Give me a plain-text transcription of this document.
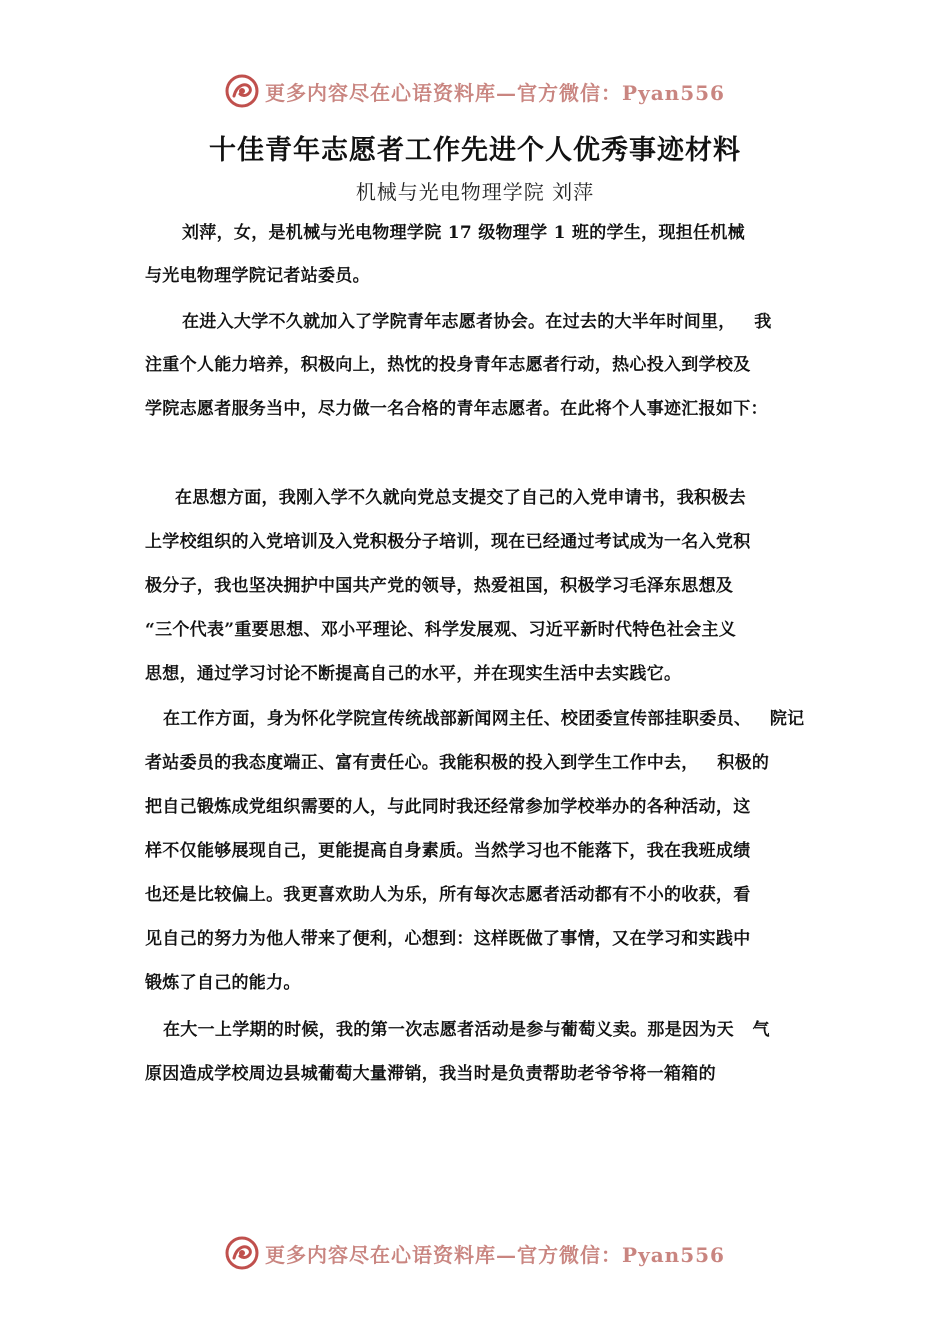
更多内容尽在心语资料库—官方微信：Pyan556
十佳青年志愿者工作先进个人优秀事迹材料
机械与光电物理学院 刘萍
刘萍，女，是机械与光电物理学院 17 级物理学 1 班的学生，现担任机械
与光电物理学院记者站委员。
在进入大学不久就加入了学院青年志愿者协会。在过去的大半年时间里，   我
注重个人能力培养，积极向上，热忱的投身青年志愿者行动，热心投入到学校及
学院志愿者服务当中，尽力做一名合格的青年志愿者。在此将个人事迹汇报如下：
在思想方面，我刚入学不久就向党总支提交了自己的入党申请书，我积极去
上学校组织的入党培训及入党积极分子培训，现在已经通过考试成为一名入党积
极分子，我也坚决拥护中国共产党的领导，热爱祖国，积极学习毛泽东思想及
“三个代表”重要思想、邓小平理论、科学发展观、习近平新时代特色社会主义
思想，通过学习讨论不断提高自己的水平，并在现实生活中去实践它。
在工作方面，身为怀化学院宣传统战部新闻网主任、校团委宣传部挂职委员、   院记
者站委员的我态度端正、富有责任心。我能积极的投入到学生工作中去，   积极的
把自己锻炼成党组织需要的人，与此同时我还经常参加学校举办的各种活动，这
样不仅能够展现自己，更能提高自身素质。当然学习也不能落下，我在我班成绩
也还是比较偏上。我更喜欢助人为乐，所有每次志愿者活动都有不小的收获，看
见自己的努力为他人带来了便利，心想到：这样既做了事情，又在学习和实践中
锻炼了自己的能力。
在大一上学期的时候，我的第一次志愿者活动是参与葡萄义卖。那是因为天   气
原因造成学校周边县城葡萄大量滞销，我当时是负责帮助老爷爷将一箱箱的
更多内容尽在心语资料库—官方微信：Pyan556
